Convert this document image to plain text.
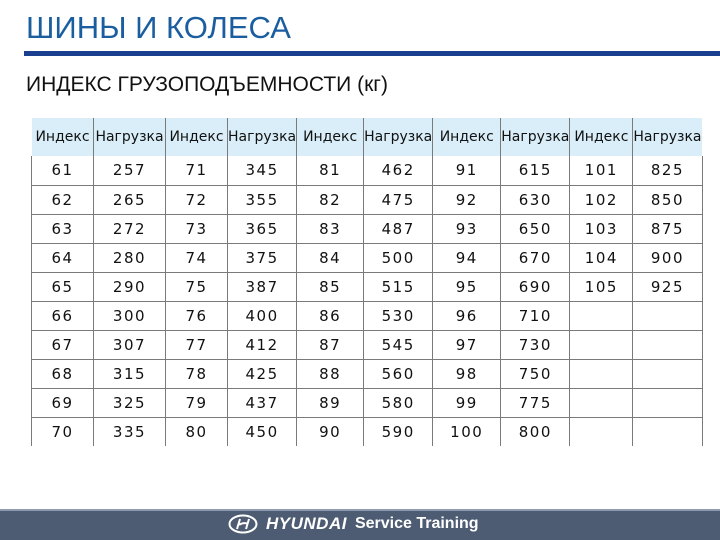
ШИНЫ И КОЛЕСА
ИНДЕКС ГРУЗОПОДЪЕМНОСТИ (кг)
Индекс	Нагрузка	Индекс	Нагрузка	Индекс	Нагрузка	Индекс	Нагрузка	Индекс	Нагрузка
61	257	71	345	81	462	91	615	101	825
62	265	72	355	82	475	92	630	102	850
63	272	73	365	83	487	93	650	103	875
64	280	74	375	84	500	94	670	104	900
65	290	75	387	85	515	95	690	105	925
66	300	76	400	86	530	96	710		
67	307	77	412	87	545	97	730		
68	315	78	425	88	560	98	750		
69	325	79	437	89	580	99	775		
70	335	80	450	90	590	100	800		
HYUNDAI Service Training
